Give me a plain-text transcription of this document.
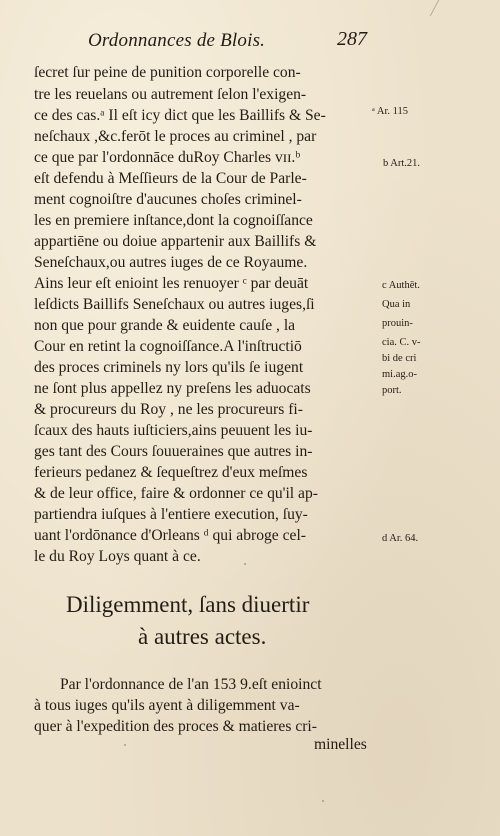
Ordonnances de Blois.	287
ſecret ſur peine de punition corporelle con-
tre les reuelans ou autrement ſelon l'exigen-
ce des cas.ᵃ Il eſt icy dict que les Baillifs & Se-
neſchaux ,&c.ferōt le proces au criminel , par
ce que par l'ordonnāce duRoy Charles vɪɪ.ᵇ
eſt defendu à Meſſieurs de la Cour de Parle-
ment cognoiſtre d'aucunes choſes criminel-
les en premiere inſtance,dont la cognoiſſance
appartiēne ou doiue appartenir aux Baillifs &
Seneſchaux,ou autres iuges de ce Royaume.
Ains leur eſt enioint les renuoyer ᶜ par deuāt
leſdicts Baillifs Seneſchaux ou autres iuges,ſi
non que pour grande & euidente cauſe , la
Cour en retint la cognoiſſance.A l'inſtructiō
des proces criminels ny lors qu'ils ſe iugent
ne ſont plus appellez ny preſens les aduocats
& procureurs du Roy , ne les procureurs fi-
ſcaux des hauts iuſticiers,ains peuuent les iu-
ges tant des Cours ſouueraines que autres in-
ferieurs pedanez & ſequeſtrez d'eux meſmes
& de leur office, faire & ordonner ce qu'il ap-
partiendra iuſques à l'entiere execution, ſuy-
uant l'ordōnance d'Orleans ᵈ qui abroge cel-
le du Roy Loys quant à ce.
ᵃ Ar. 115
b Art.21.
c Authēt.
Qua in
prouin-
cia. C. v-
bi de cri
mi.ag.o-
port.
d Ar. 64.
Diligemment, ſans diuertir
à autres actes.
Par l'ordonnance de l'an 153 9.eſt enioinct
à tous iuges qu'ils ayent à diligemment va-
quer à l'expedition des proces & matieres cri-
minelles
